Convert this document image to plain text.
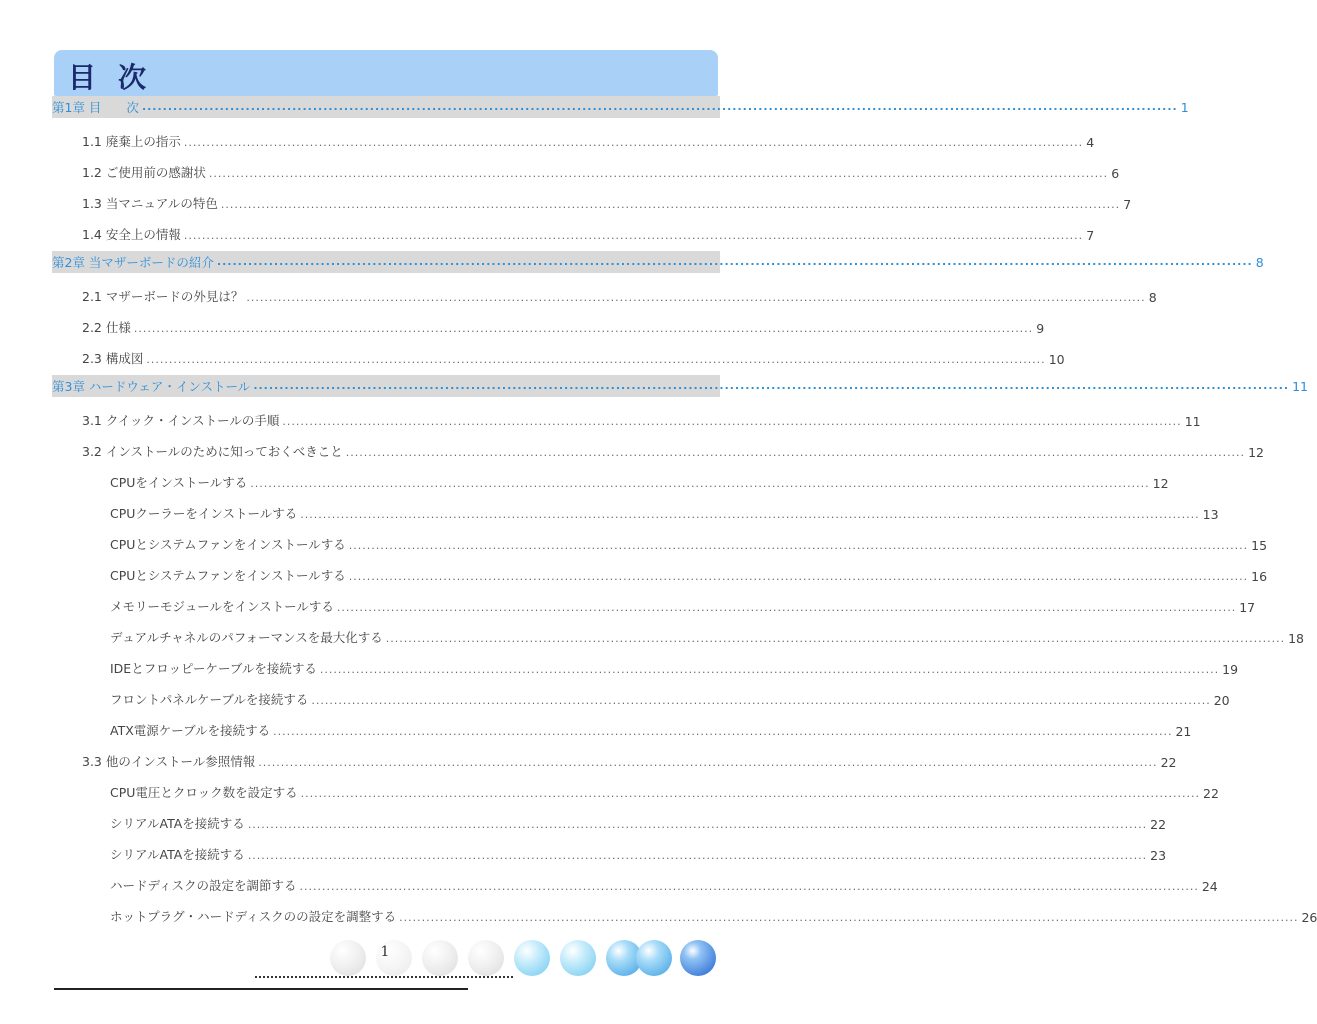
目次
第1章 目　　次 ........................................................................................................................................................................................................ 1
1.1 廃棄上の指示 ........................................................................................................................................................................................................ 4
1.2 ご使用前の感謝状 ........................................................................................................................................................................................................ 6
1.3 当マニュアルの特色 ........................................................................................................................................................................................................ 7
1.4 安全上の情報 ........................................................................................................................................................................................................ 7
第2章 当マザーボードの紹介 ........................................................................................................................................................................................................ 8
2.1 マザーボードの外見は？ ........................................................................................................................................................................................................ 8
2.2 仕様 ........................................................................................................................................................................................................ 9
2.3 構成図 ........................................................................................................................................................................................................ 10
第3章 ハードウェア・インストール ........................................................................................................................................................................................................ 11
3.1 クイック・インストールの手順 ........................................................................................................................................................................................................ 11
3.2 インストールのために知っておくべきこと ........................................................................................................................................................................................................ 12
CPUをインストールする ........................................................................................................................................................................................................ 12
CPUクーラーをインストールする ........................................................................................................................................................................................................ 13
CPUとシステムファンをインストールする ........................................................................................................................................................................................................ 15
CPUとシステムファンをインストールする ........................................................................................................................................................................................................ 16
メモリーモジュールをインストールする ........................................................................................................................................................................................................ 17
デュアルチャネルのパフォーマンスを最大化する ........................................................................................................................................................................................................ 18
IDEとフロッピーケーブルを接続する ........................................................................................................................................................................................................ 19
フロントパネルケーブルを接続する ........................................................................................................................................................................................................ 20
ATX電源ケーブルを接続する ........................................................................................................................................................................................................ 21
3.3 他のインストール参照情報 ........................................................................................................................................................................................................ 22
CPU電圧とクロック数を設定する ........................................................................................................................................................................................................ 22
シリアルATAを接続する ........................................................................................................................................................................................................ 22
シリアルATAを接続する ........................................................................................................................................................................................................ 23
ハードディスクの設定を調節する ........................................................................................................................................................................................................ 24
ホットプラグ・ハードディスクのの設定を調整する ........................................................................................................................................................................................................ 26
1
